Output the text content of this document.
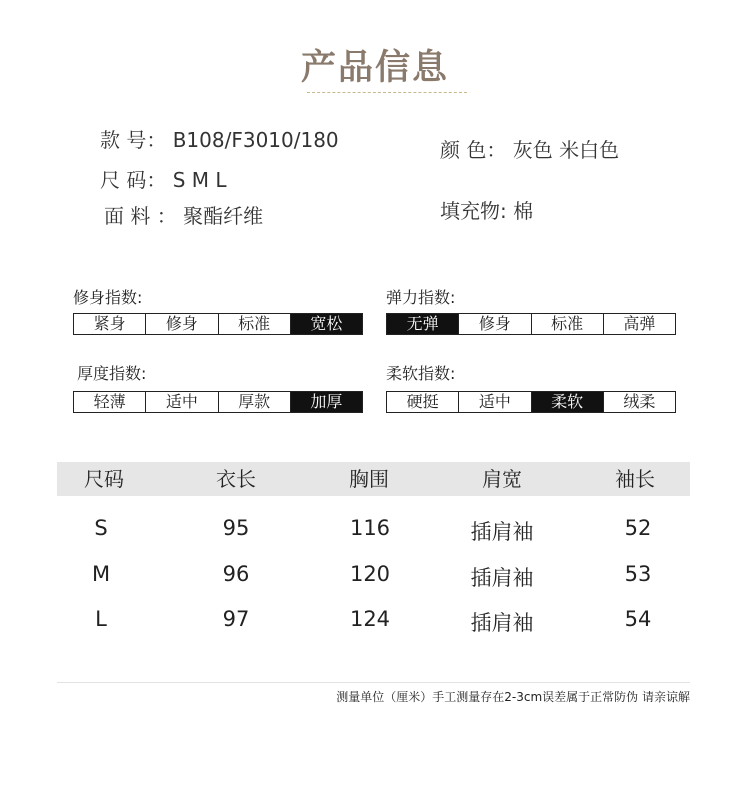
产品信息
款 号： B108/F3010/180
尺 码： S M L
面 料 ： 聚酯纤维
颜 色： 灰色 米白色
填充物: 棉
修身指数:
紧身	修身	标准	宽松
弹力指数:
无弹	修身	标准	高弹
厚度指数:
轻薄	适中	厚款	加厚
柔软指数:
硬挺	适中	柔软	绒柔
尺码	衣长	胸围	肩宽	袖长
S	95	116	插肩袖	52
M	96	120	插肩袖	53
L	97	124	插肩袖	54
测量单位（厘米）手工测量存在2-3cm误差属于正常防伪 请亲谅解
